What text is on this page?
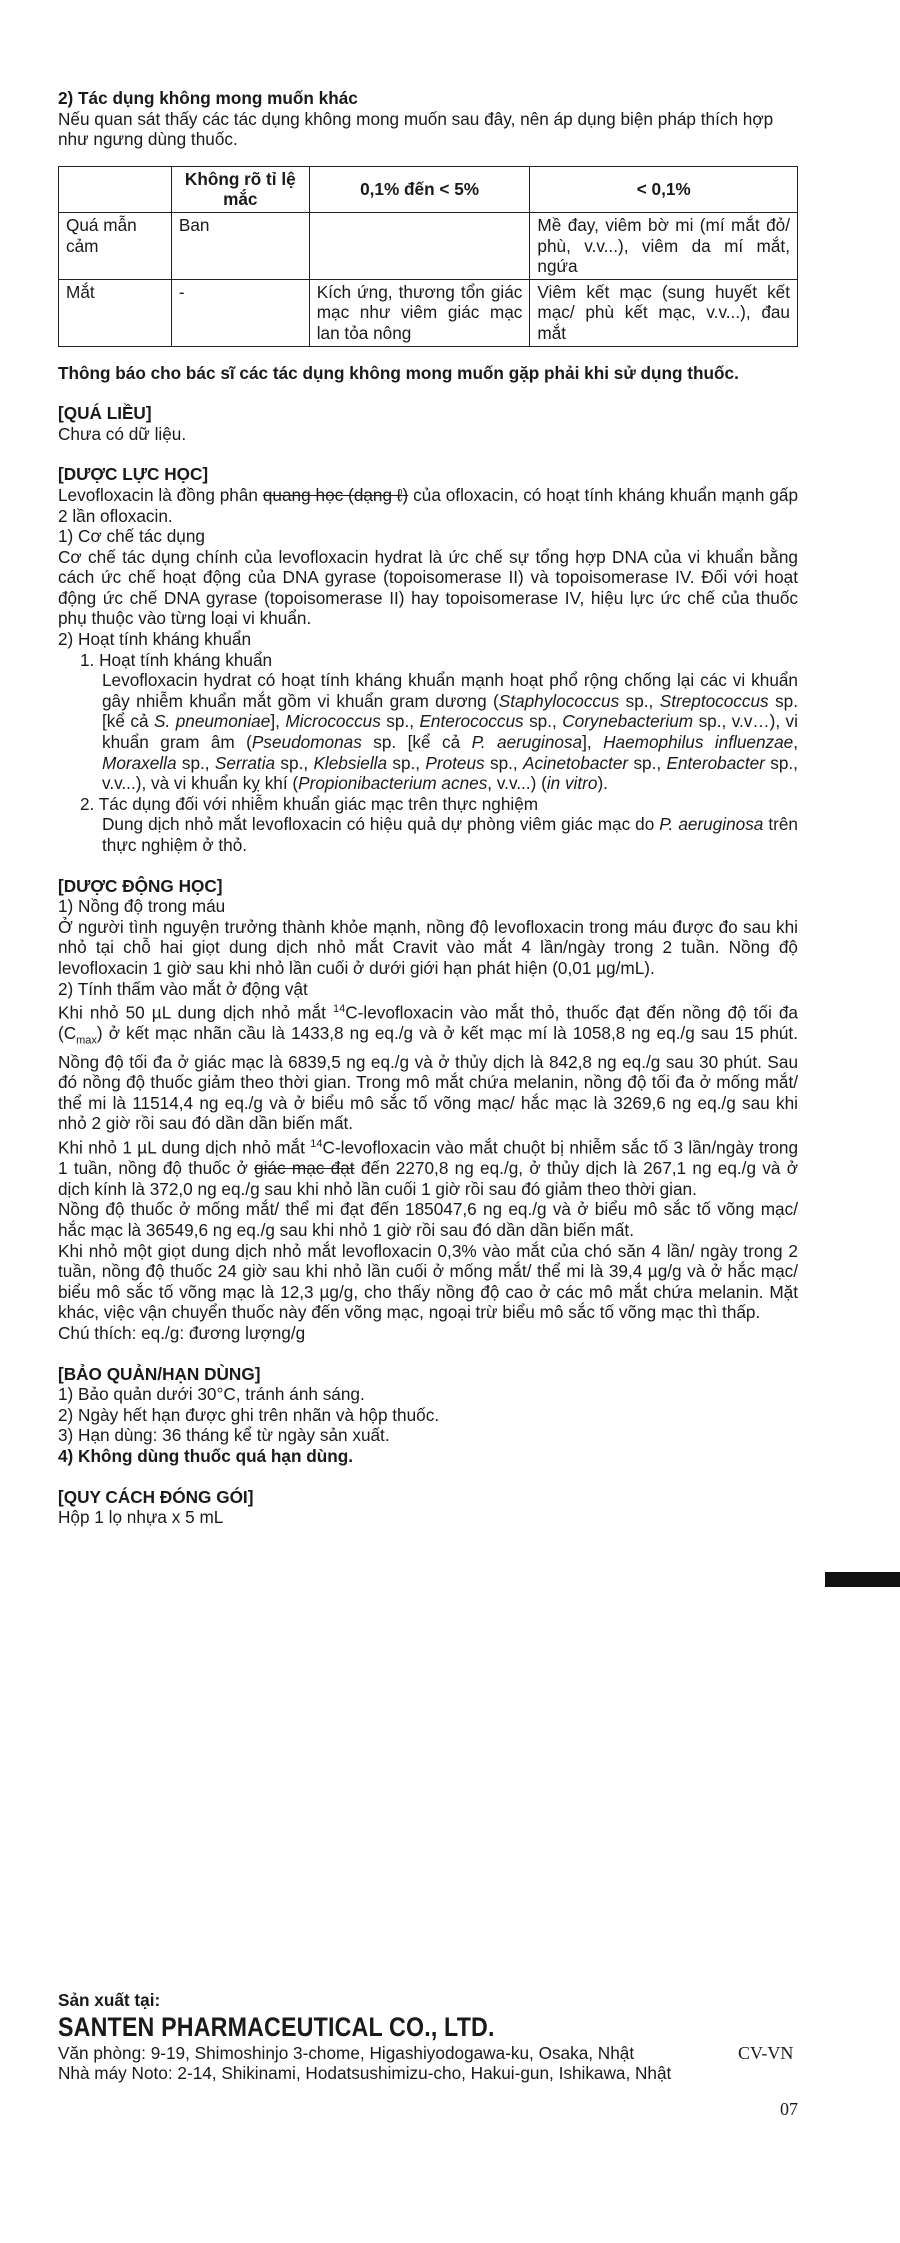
2) Tác dụng không mong muốn khác

Nếu quan sát thấy các tác dụng không mong muốn sau đây, nên áp dụng biện pháp thích hợp như ngưng dùng thuốc.

	Không rõ tỉ lệ mắc	0,1% đến < 5%	< 0,1%
Quá mẫn cảm	Ban		Mề đay, viêm bờ mi (mí mắt đỏ/ phù, v.v...), viêm da mí mắt, ngứa
Mắt	-	Kích ứng, thương tổn giác mạc như viêm giác mạc lan tỏa nông	Viêm kết mạc (sung huyết kết mạc/ phù kết mạc, v.v...), đau mắt

Thông báo cho bác sĩ các tác dụng không mong muốn gặp phải khi sử dụng thuốc.

[QUÁ LIỀU]

Chưa có dữ liệu.

[DƯỢC LỰC HỌC]

Levofloxacin là đồng phân quang học (dạng ℓ) của ofloxacin, có hoạt tính kháng khuẩn mạnh gấp 2 lần ofloxacin.

1) Cơ chế tác dụng

Cơ chế tác dụng chính của levofloxacin hydrat là ức chế sự tổng hợp DNA của vi khuẩn bằng cách ức chế hoạt động của DNA gyrase (topoisomerase II) và topoisomerase IV. Đối với hoạt động ức chế DNA gyrase (topoisomerase II) hay topoisomerase IV, hiệu lực ức chế của thuốc phụ thuộc vào từng loại vi khuẩn.

2) Hoạt tính kháng khuẩn

1. Hoạt tính kháng khuẩn

Levofloxacin hydrat có hoạt tính kháng khuẩn mạnh hoạt phổ rộng chống lại các vi khuẩn gây nhiễm khuẩn mắt gồm vi khuẩn gram dương (Staphylococcus sp., Streptococcus sp. [kể cả S. pneumoniae], Micrococcus sp., Enterococcus sp., Corynebacterium sp., v.v…), vi khuẩn gram âm (Pseudomonas sp. [kể cả P. aeruginosa], Haemophilus influenzae, Moraxella sp., Serratia sp., Klebsiella sp., Proteus sp., Acinetobacter sp., Enterobacter sp., v.v...), và vi khuẩn kỵ khí (Propionibacterium acnes, v.v...) (in vitro).

2. Tác dụng đối với nhiễm khuẩn giác mạc trên thực nghiệm

Dung dịch nhỏ mắt levofloxacin có hiệu quả dự phòng viêm giác mạc do P. aeruginosa trên thực nghiệm ở thỏ.

[DƯỢC ĐỘNG HỌC]

1) Nồng độ trong máu

Ở người tình nguyện trưởng thành khỏe mạnh, nồng độ levofloxacin trong máu được đo sau khi nhỏ tại chỗ hai giọt dung dịch nhỏ mắt Cravit vào mắt 4 lần/ngày trong 2 tuần. Nồng độ levofloxacin 1 giờ sau khi nhỏ lần cuối ở dưới giới hạn phát hiện (0,01 µg/mL).

2) Tính thấm vào mắt ở động vật

Khi nhỏ 50 µL dung dịch nhỏ mắt $^{14}$C-levofloxacin vào mắt thỏ, thuốc đạt đến nồng độ tối đa $(C_{max})$ ở kết mạc nhãn cầu là 1433,8 ng eq./g và ở kết mạc mí là 1058,8 ng eq./g sau 15 phút. Nồng độ tối đa ở giác mạc là 6839,5 ng eq./g và ở thủy dịch là 842,8 ng eq./g sau 30 phút. Sau đó nồng độ thuốc giảm theo thời gian. Trong mô mắt chứa melanin, nồng độ tối đa ở mống mắt/ thể mi là 11514,4 ng eq./g và ở biểu mô sắc tố võng mạc/ hắc mạc là 3269,6 ng eq./g sau khi nhỏ 2 giờ rồi sau đó dần dần biến mất.

Khi nhỏ 1 µL dung dịch nhỏ mắt $^{14}$C-levofloxacin vào mắt chuột bị nhiễm sắc tố 3 lần/ngày trong 1 tuần, nồng độ thuốc ở giác mạc đạt đến 2270,8 ng eq./g, ở thủy dịch là 267,1 ng eq./g và ở dịch kính là 372,0 ng eq./g sau khi nhỏ lần cuối 1 giờ rồi sau đó giảm theo thời gian.

Nồng độ thuốc ở mống mắt/ thể mi đạt đến 185047,6 ng eq./g và ở biểu mô sắc tố võng mạc/ hắc mạc là 36549,6 ng eq./g sau khi nhỏ 1 giờ rồi sau đó dần dần biến mất.

Khi nhỏ một giọt dung dịch nhỏ mắt levofloxacin 0,3% vào mắt của chó săn 4 lần/ ngày trong 2 tuần, nồng độ thuốc 24 giờ sau khi nhỏ lần cuối ở mống mắt/ thể mi là 39,4 µg/g và ở hắc mạc/ biểu mô sắc tố võng mạc là 12,3 µg/g, cho thấy nồng độ cao ở các mô mắt chứa melanin. Mặt khác, việc vận chuyển thuốc này đến võng mạc, ngoại trừ biểu mô sắc tố võng mạc thì thấp.

Chú thích: eq./g: đương lượng/g

[BẢO QUẢN/HẠN DÙNG]

1) Bảo quản dưới 30°C, tránh ánh sáng.

2) Ngày hết hạn được ghi trên nhãn và hộp thuốc.

3) Hạn dùng: 36 tháng kể từ ngày sản xuất.

4) Không dùng thuốc quá hạn dùng.

[QUY CÁCH ĐÓNG GÓI]

Hộp 1 lọ nhựa x 5 mL

Sản xuất tại:

SANTEN PHARMACEUTICAL CO., LTD.

Văn phòng: 9-19, Shimoshinjo 3-chome, Higashiyodogawa-ku, Osaka, Nhật

Nhà máy Noto: 2-14, Shikinami, Hodatsushimizu-cho, Hakui-gun, Ishikawa, Nhật

CV-VN
07
